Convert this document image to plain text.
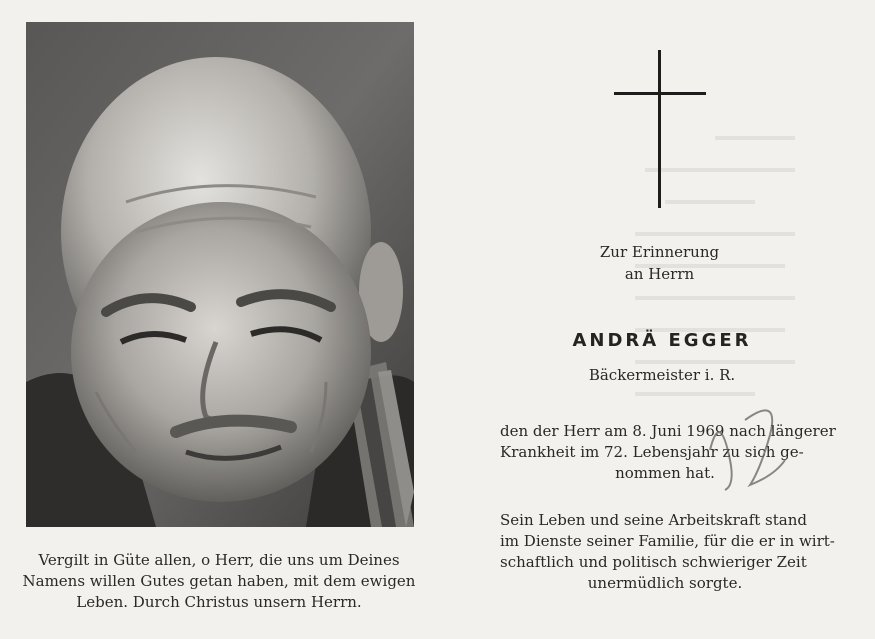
Vergilt in Güte allen, o Herr, die uns um Deines

Namens willen Gutes getan haben, mit dem ewigen

Leben. Durch Christus unsern Herrn.

Zur Erinnerung
an Herrn
ANDRÄ EGGER
Bäckermeister i. R.
den der Herr am 8. Juni 1969 nach längerer
Krankheit im 72. Lebensjahr zu sich ge-
nommen hat.
Sein Leben und seine Arbeitskraft stand
im Dienste seiner Familie, für die er in wirt-
schaftlich und politisch schwieriger Zeit
unermüdlich sorgte.
